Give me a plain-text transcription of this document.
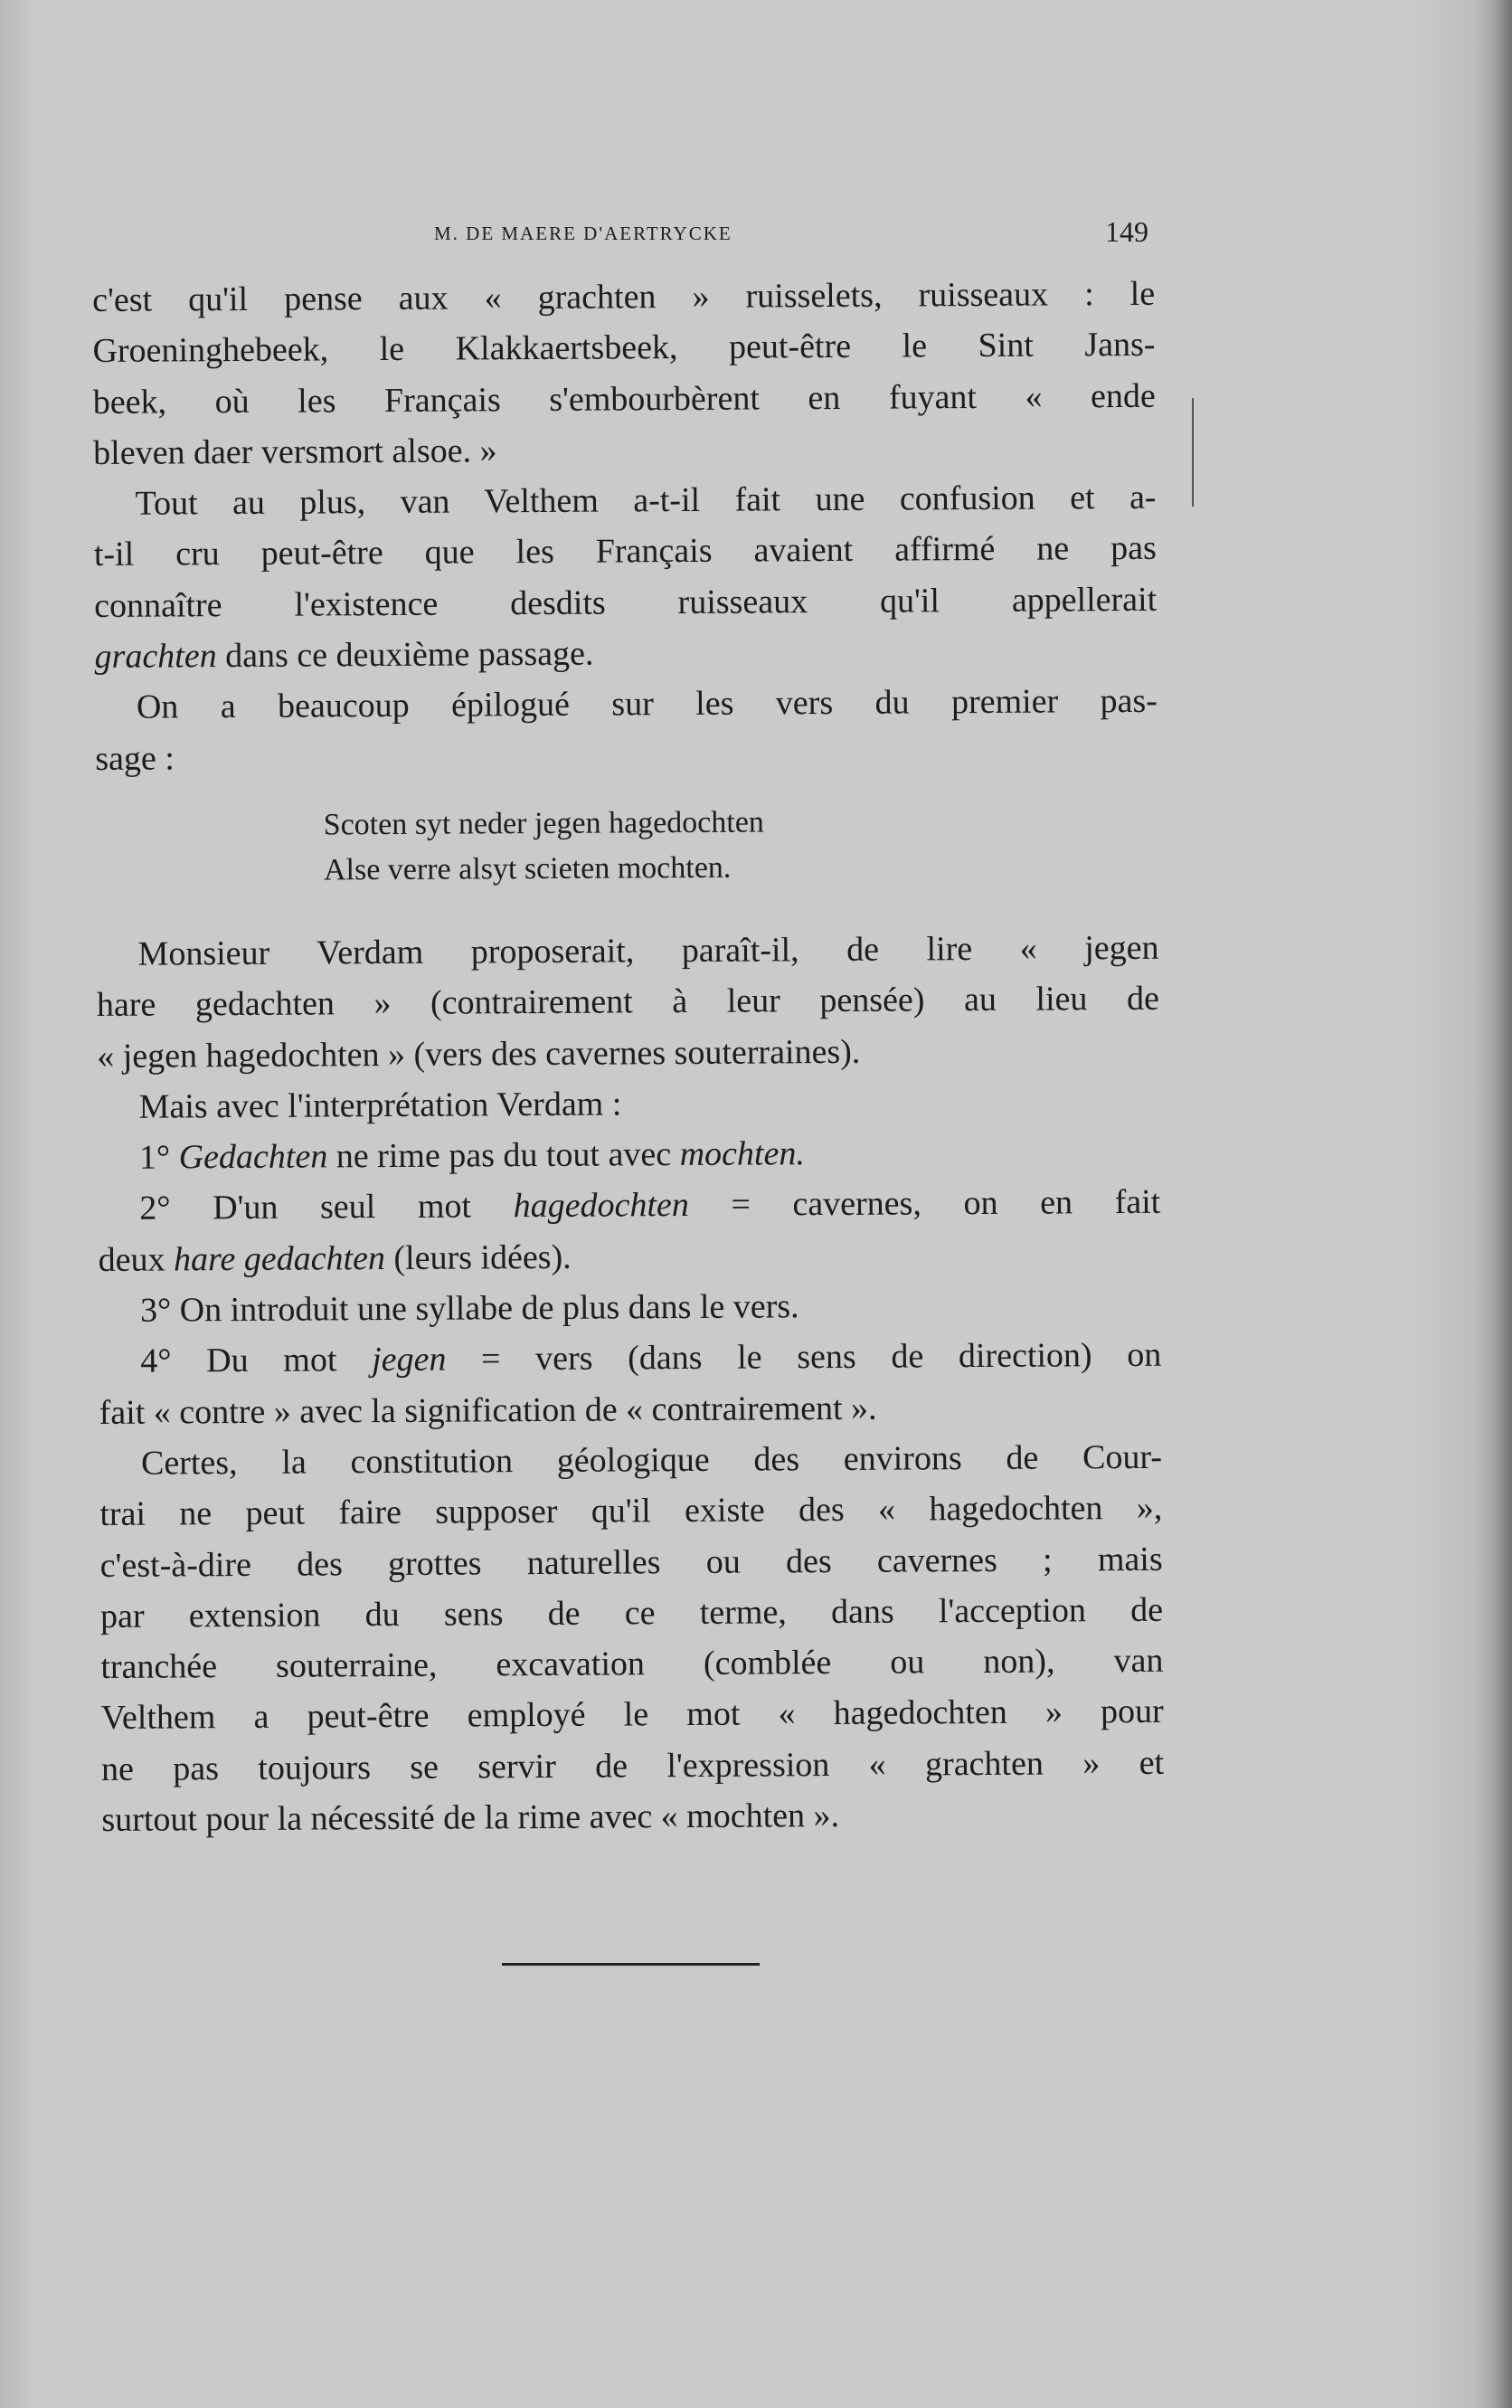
M. DE MAERE D'AERTRYCKE	149

c'est qu'il pense aux « grachten » ruisselets, ruisseaux : le

Groeninghebeek, le Klakkaertsbeek, peut-être le Sint Jans-

beek, où les Français s'embourbèrent en fuyant « ende

bleven daer versmort alsoe. »

Tout au plus, van Velthem a-t-il fait une confusion et a-

t-il cru peut-être que les Français avaient affirmé ne pas

connaître l'existence desdits ruisseaux qu'il appellerait

grachten dans ce deuxième passage.

On a beaucoup épilogué sur les vers du premier pas-

sage :

Scoten syt neder jegen hagedochten
Alse verre alsyt scieten mochten.

Monsieur Verdam proposerait, paraît-il, de lire « jegen

hare gedachten » (contrairement à leur pensée) au lieu de

« jegen hagedochten » (vers des cavernes souterraines).

Mais avec l'interprétation Verdam :

1° Gedachten ne rime pas du tout avec mochten.

2° D'un seul mot hagedochten = cavernes, on en fait

deux hare gedachten (leurs idées).

3° On introduit une syllabe de plus dans le vers.

4° Du mot jegen = vers (dans le sens de direction) on

fait « contre » avec la signification de « contrairement ».

Certes, la constitution géologique des environs de Cour-

trai ne peut faire supposer qu'il existe des « hagedochten »,

c'est-à-dire des grottes naturelles ou des cavernes ; mais

par extension du sens de ce terme, dans l'acception de

tranchée souterraine, excavation (comblée ou non), van

Velthem a peut-être employé le mot « hagedochten » pour

ne pas toujours se servir de l'expression « grachten » et

surtout pour la nécessité de la rime avec « mochten ».
